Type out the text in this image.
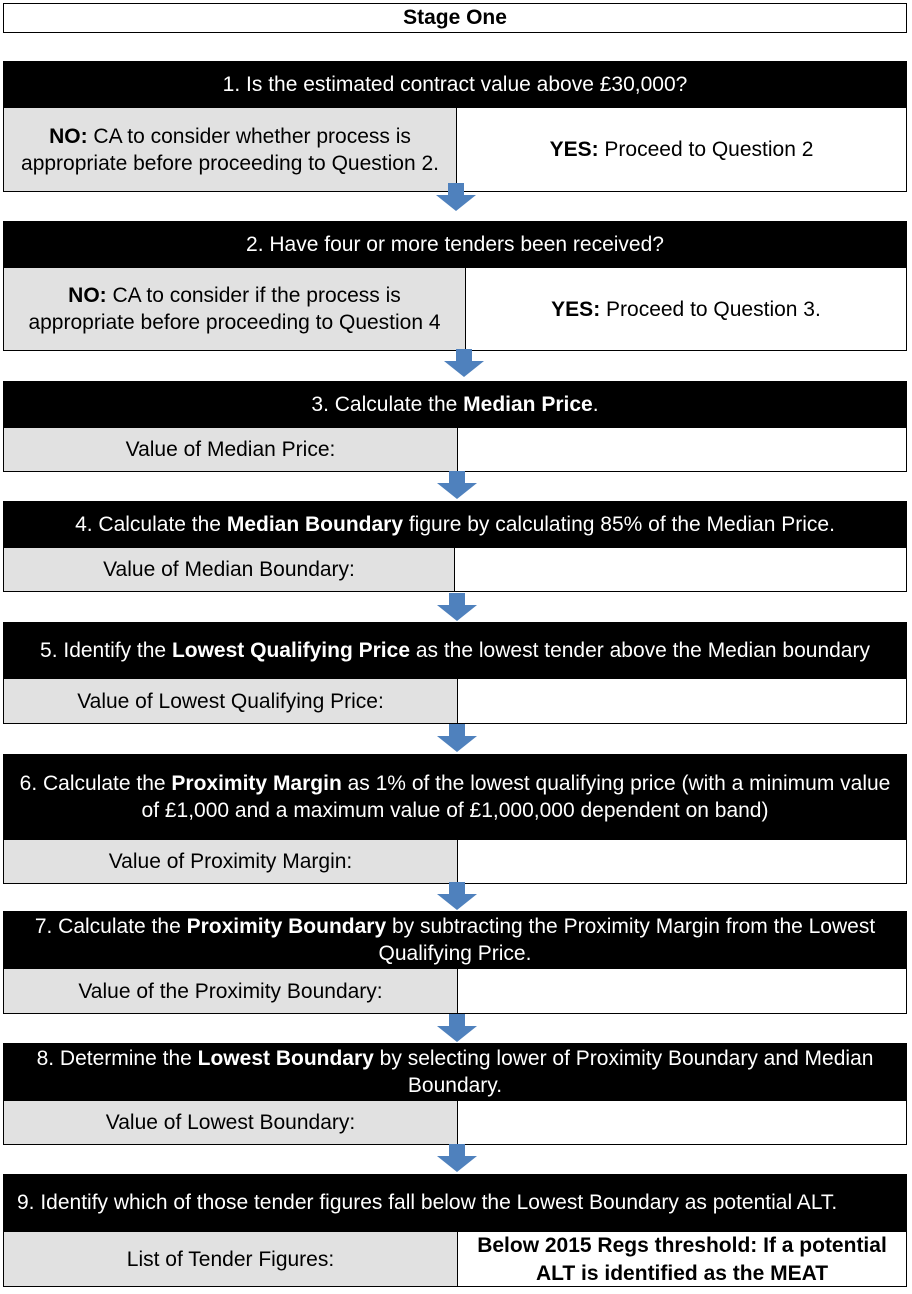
Stage One
1. Is the estimated contract value above £30,000?
NO: CA to consider whether process is appropriate before proceeding to Question 2.
YES: Proceed to Question 2
2. Have four or more tenders been received?
NO: CA to consider if the process is appropriate before proceeding to Question 4
YES: Proceed to Question 3.
3. Calculate the Median Price.
Value of Median Price:
4. Calculate the Median Boundary figure by calculating 85% of the Median Price.
Value of Median Boundary:
5. Identify the Lowest Qualifying Price as the lowest tender above the Median boundary
Value of Lowest Qualifying Price:
6. Calculate the Proximity Margin as 1% of the lowest qualifying price (with a minimum value of £1,000 and a maximum value of £1,000,000 dependent on band)
Value of Proximity Margin:
7. Calculate the Proximity Boundary by subtracting the Proximity Margin from the Lowest Qualifying Price.
Value of the Proximity Boundary:
8. Determine the Lowest Boundary by selecting lower of Proximity Boundary and Median Boundary.
Value of Lowest Boundary:
9. Identify which of those tender figures fall below the Lowest Boundary as potential ALT.
List of Tender Figures:
Below 2015 Regs threshold: If a potential ALT is identified as the MEAT
